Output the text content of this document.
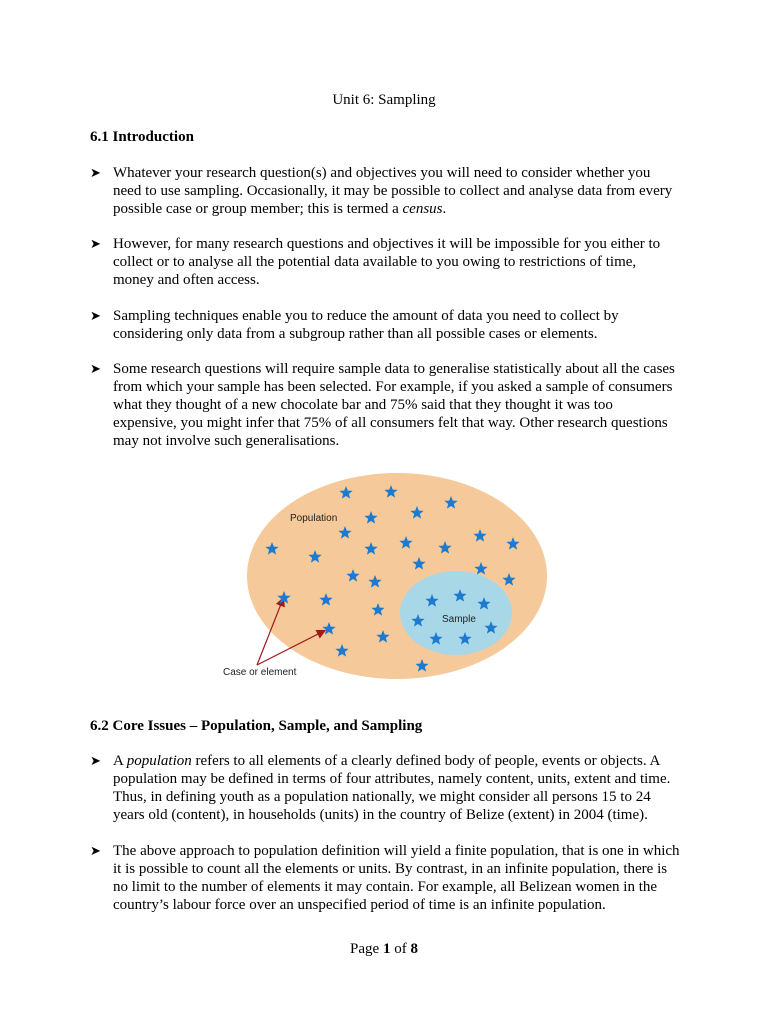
Unit 6: Sampling
6.1 Introduction
➤ Whatever your research question(s) and objectives you will need to consider whether you need to use sampling. Occasionally, it may be possible to collect and analyse data from every possible case or group member; this is termed a census.
➤ However, for many research questions and objectives it will be impossible for you either to collect or to analyse all the potential data available to you owing to restrictions of time, money and often access.
➤ Sampling techniques enable you to reduce the amount of data you need to collect by considering only data from a subgroup rather than all possible cases or elements.
➤ Some research questions will require sample data to generalise statistically about all the cases from which your sample has been selected. For example, if you asked a sample of consumers what they thought of a new chocolate bar and 75% said that they thought it was too expensive, you might infer that 75% of all consumers felt that way. Other research questions may not involve such generalisations.
Population
Sample
Case or element
6.2 Core Issues – Population, Sample, and Sampling
➤ A population refers to all elements of a clearly defined body of people, events or objects. A population may be defined in terms of four attributes, namely content, units, extent and time. Thus, in defining youth as a population nationally, we might consider all persons 15 to 24 years old (content), in households (units) in the country of Belize (extent) in 2004 (time).
➤ The above approach to population definition will yield a finite population, that is one in which it is possible to count all the elements or units. By contrast, in an infinite population, there is no limit to the number of elements it may contain. For example, all Belizean women in the country’s labour force over an unspecified period of time is an infinite population.
Page 1 of 8
